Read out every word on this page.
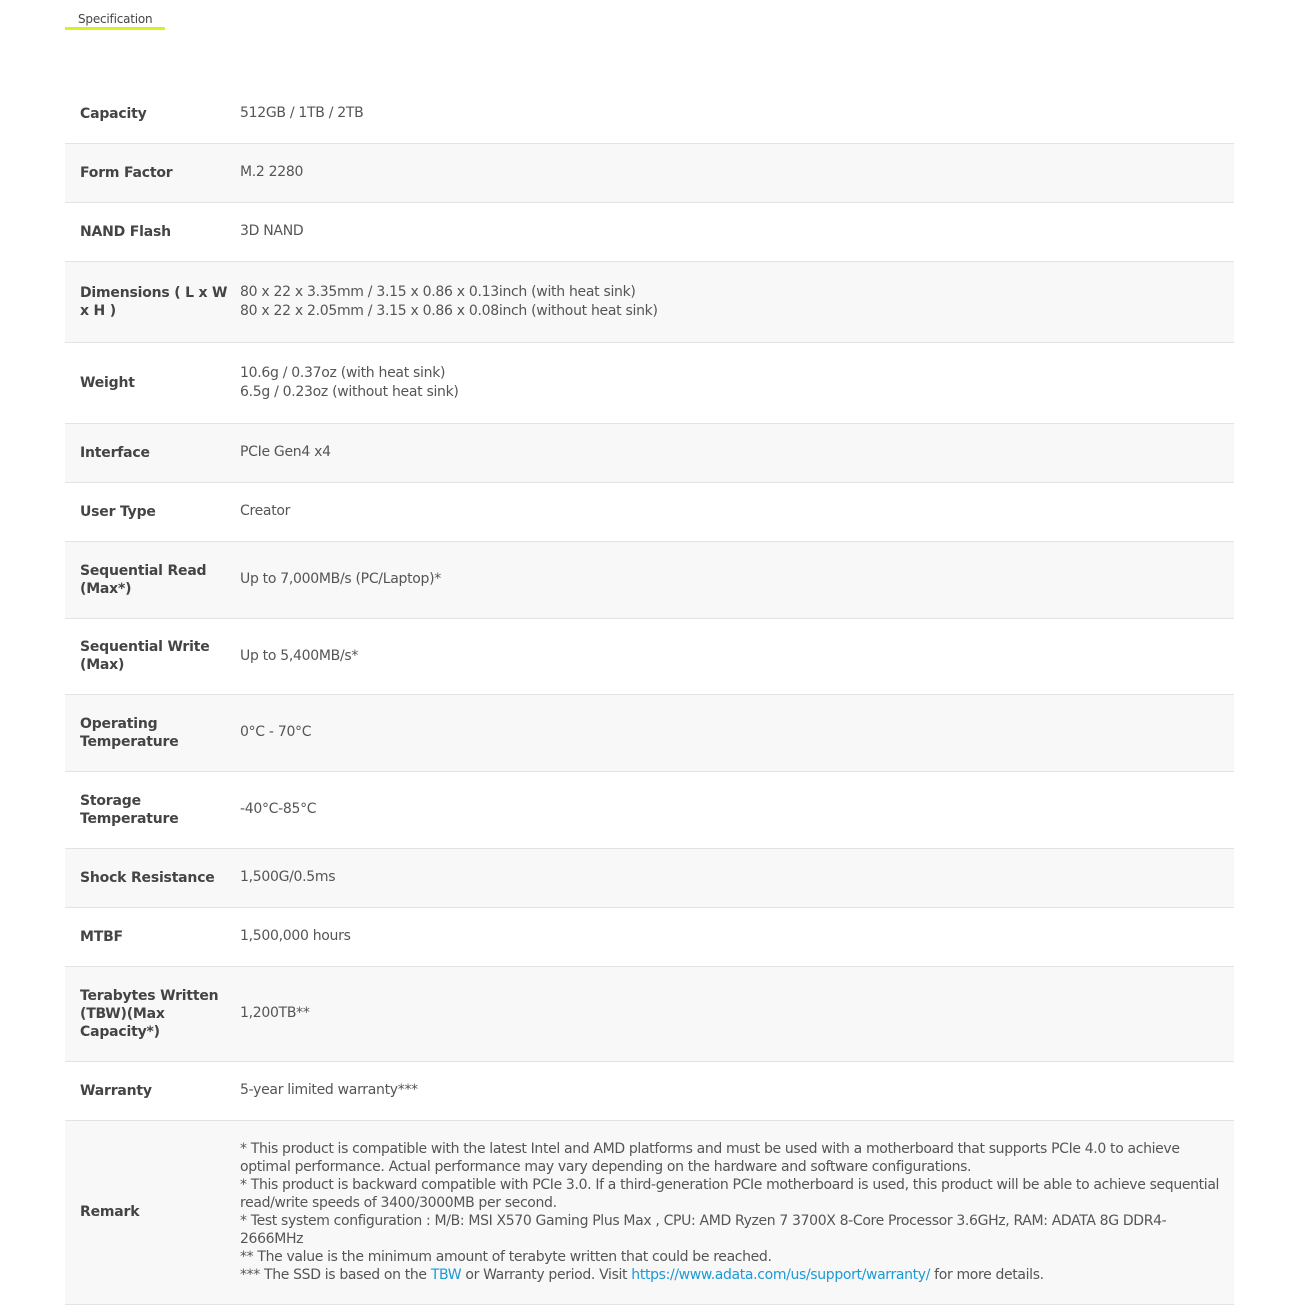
Specification
Capacity	512GB / 1TB / 2TB

Form Factor	M.2 2280

NAND Flash	3D NAND

Dimensions ( L x W x H )	80 x 22 x 3.35mm / 3.15 x 0.86 x 0.13inch (with heat sink)
80 x 22 x 2.05mm / 3.15 x 0.86 x 0.08inch (without heat sink)

Weight	10.6g / 0.37oz (with heat sink)
6.5g / 0.23oz (without heat sink)

Interface	PCIe Gen4 x4

User Type	Creator

Sequential Read (Max*)	Up to 7,000MB/s (PC/Laptop)*

Sequential Write (Max)	Up to 5,400MB/s*

Operating Temperature	0°C - 70°C

Storage Temperature	-40°C-85°C

Shock Resistance	1,500G/0.5ms

MTBF	1,500,000 hours

Terabytes Written (TBW)(Max Capacity*)	1,200TB**

Warranty	5-year limited warranty***

Remark	* This product is compatible with the latest Intel and AMD platforms and must be used with a motherboard that supports PCIe 4.0 to achieve optimal performance. Actual performance may vary depending on the hardware and software configurations.
* This product is backward compatible with PCIe 3.0. If a third-generation PCIe motherboard is used, this product will be able to achieve sequential read/write speeds of 3400/3000MB per second.
* Test system configuration : M/B: MSI X570 Gaming Plus Max , CPU: AMD Ryzen 7 3700X 8-Core Processor 3.6GHz, RAM: ADATA 8G DDR4-2666MHz
** The value is the minimum amount of terabyte written that could be reached.
*** The SSD is based on the TBW or Warranty period. Visit https://www.adata.com/us/support/warranty/ for more details.
